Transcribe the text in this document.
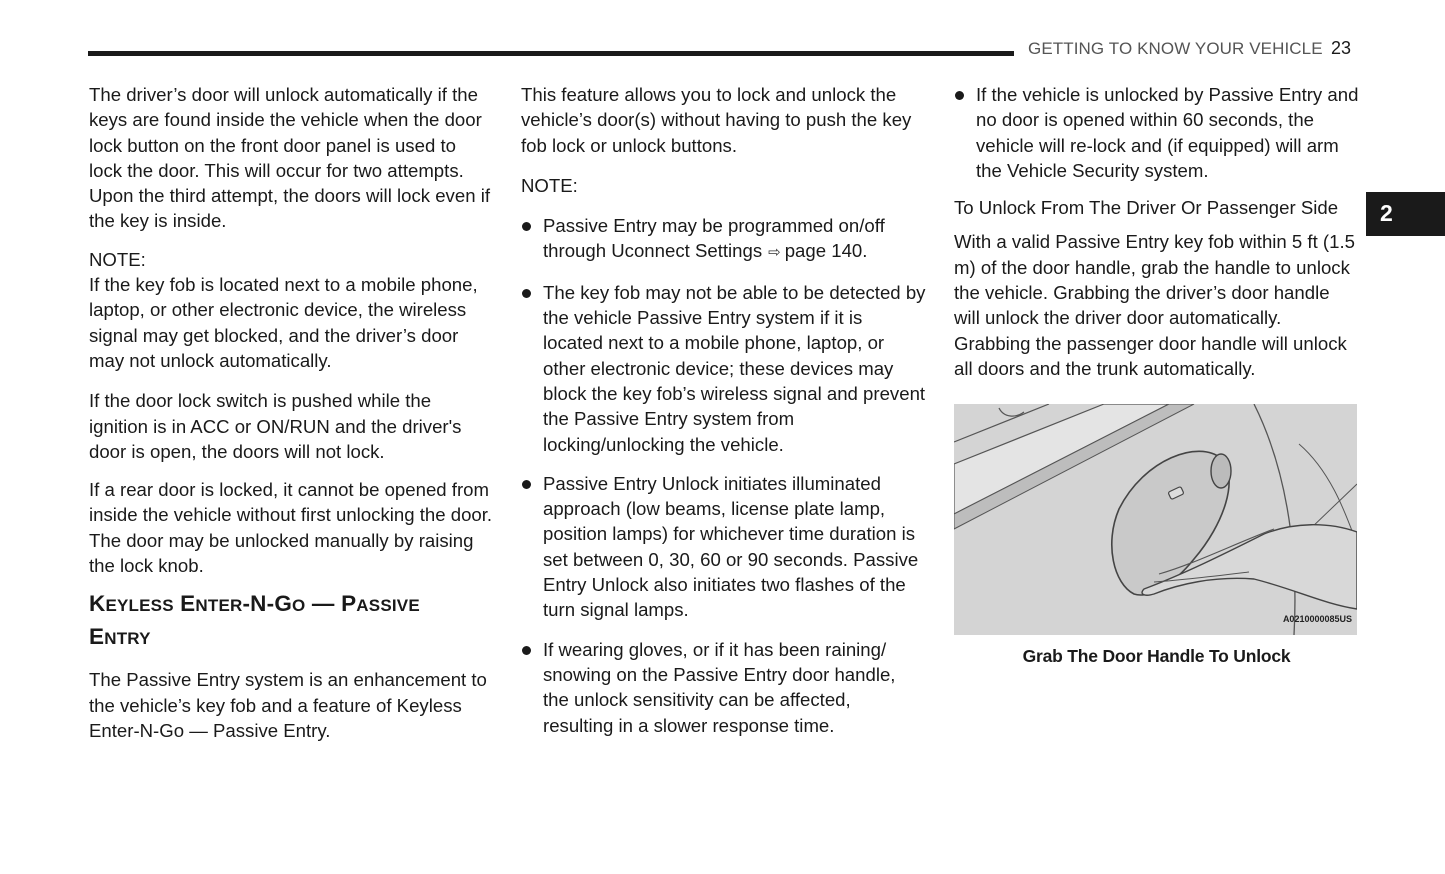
GETTING TO KNOW YOUR VEHICLE 23
2

The driver’s door will unlock automatically if the keys are found inside the vehicle when the door lock button on the front door panel is used to lock the door. This will occur for two attempts. Upon the third attempt, the doors will lock even if the key is inside.

NOTE:

If the key fob is located next to a mobile phone, laptop, or other electronic device, the wireless signal may get blocked, and the driver’s door may not unlock automatically.

If the door lock switch is pushed while the ignition is in ACC or ON/RUN and the driver's door is open, the doors will not lock.

If a rear door is locked, it cannot be opened from inside the vehicle without first unlocking the door. The door may be unlocked manually by raising the lock knob.

KEYLESS ENTER-N-GO — PASSIVE
ENTRY

The Passive Entry system is an enhancement to the vehicle’s key fob and a feature of Keyless Enter-N-Go — Passive Entry.

This feature allows you to lock and unlock the vehicle’s door(s) without having to push the key fob lock or unlock buttons.

NOTE:

Passive Entry may be programmed on/off through Uconnect Settings ⇨ page 140.
The key fob may not be able to be detected by the vehicle Passive Entry system if it is located next to a mobile phone, laptop, or other electronic device; these devices may block the key fob’s wireless signal and prevent the Passive Entry system from locking/unlocking the vehicle.
Passive Entry Unlock initiates illuminated approach (low beams, license plate lamp, position lamps) for whichever time duration is set between 0, 30, 60 or 90 seconds. Passive Entry Unlock also initiates two flashes of the turn signal lamps.
If wearing gloves, or if it has been raining/ snowing on the Passive Entry door handle, the unlock sensitivity can be affected, resulting in a slower response time.
If the vehicle is unlocked by Passive Entry and no door is opened within 60 seconds, the vehicle will re-lock and (if equipped) will arm the Vehicle Security system.

To Unlock From The Driver Or Passenger Side

With a valid Passive Entry key fob within 5 ft (1.5 m) of the door handle, grab the handle to unlock the vehicle. Grabbing the driver’s door handle will unlock the driver door automatically. Grabbing the passenger door handle will unlock all doors and the trunk automatically.

A0210000085US
Grab The Door Handle To Unlock
